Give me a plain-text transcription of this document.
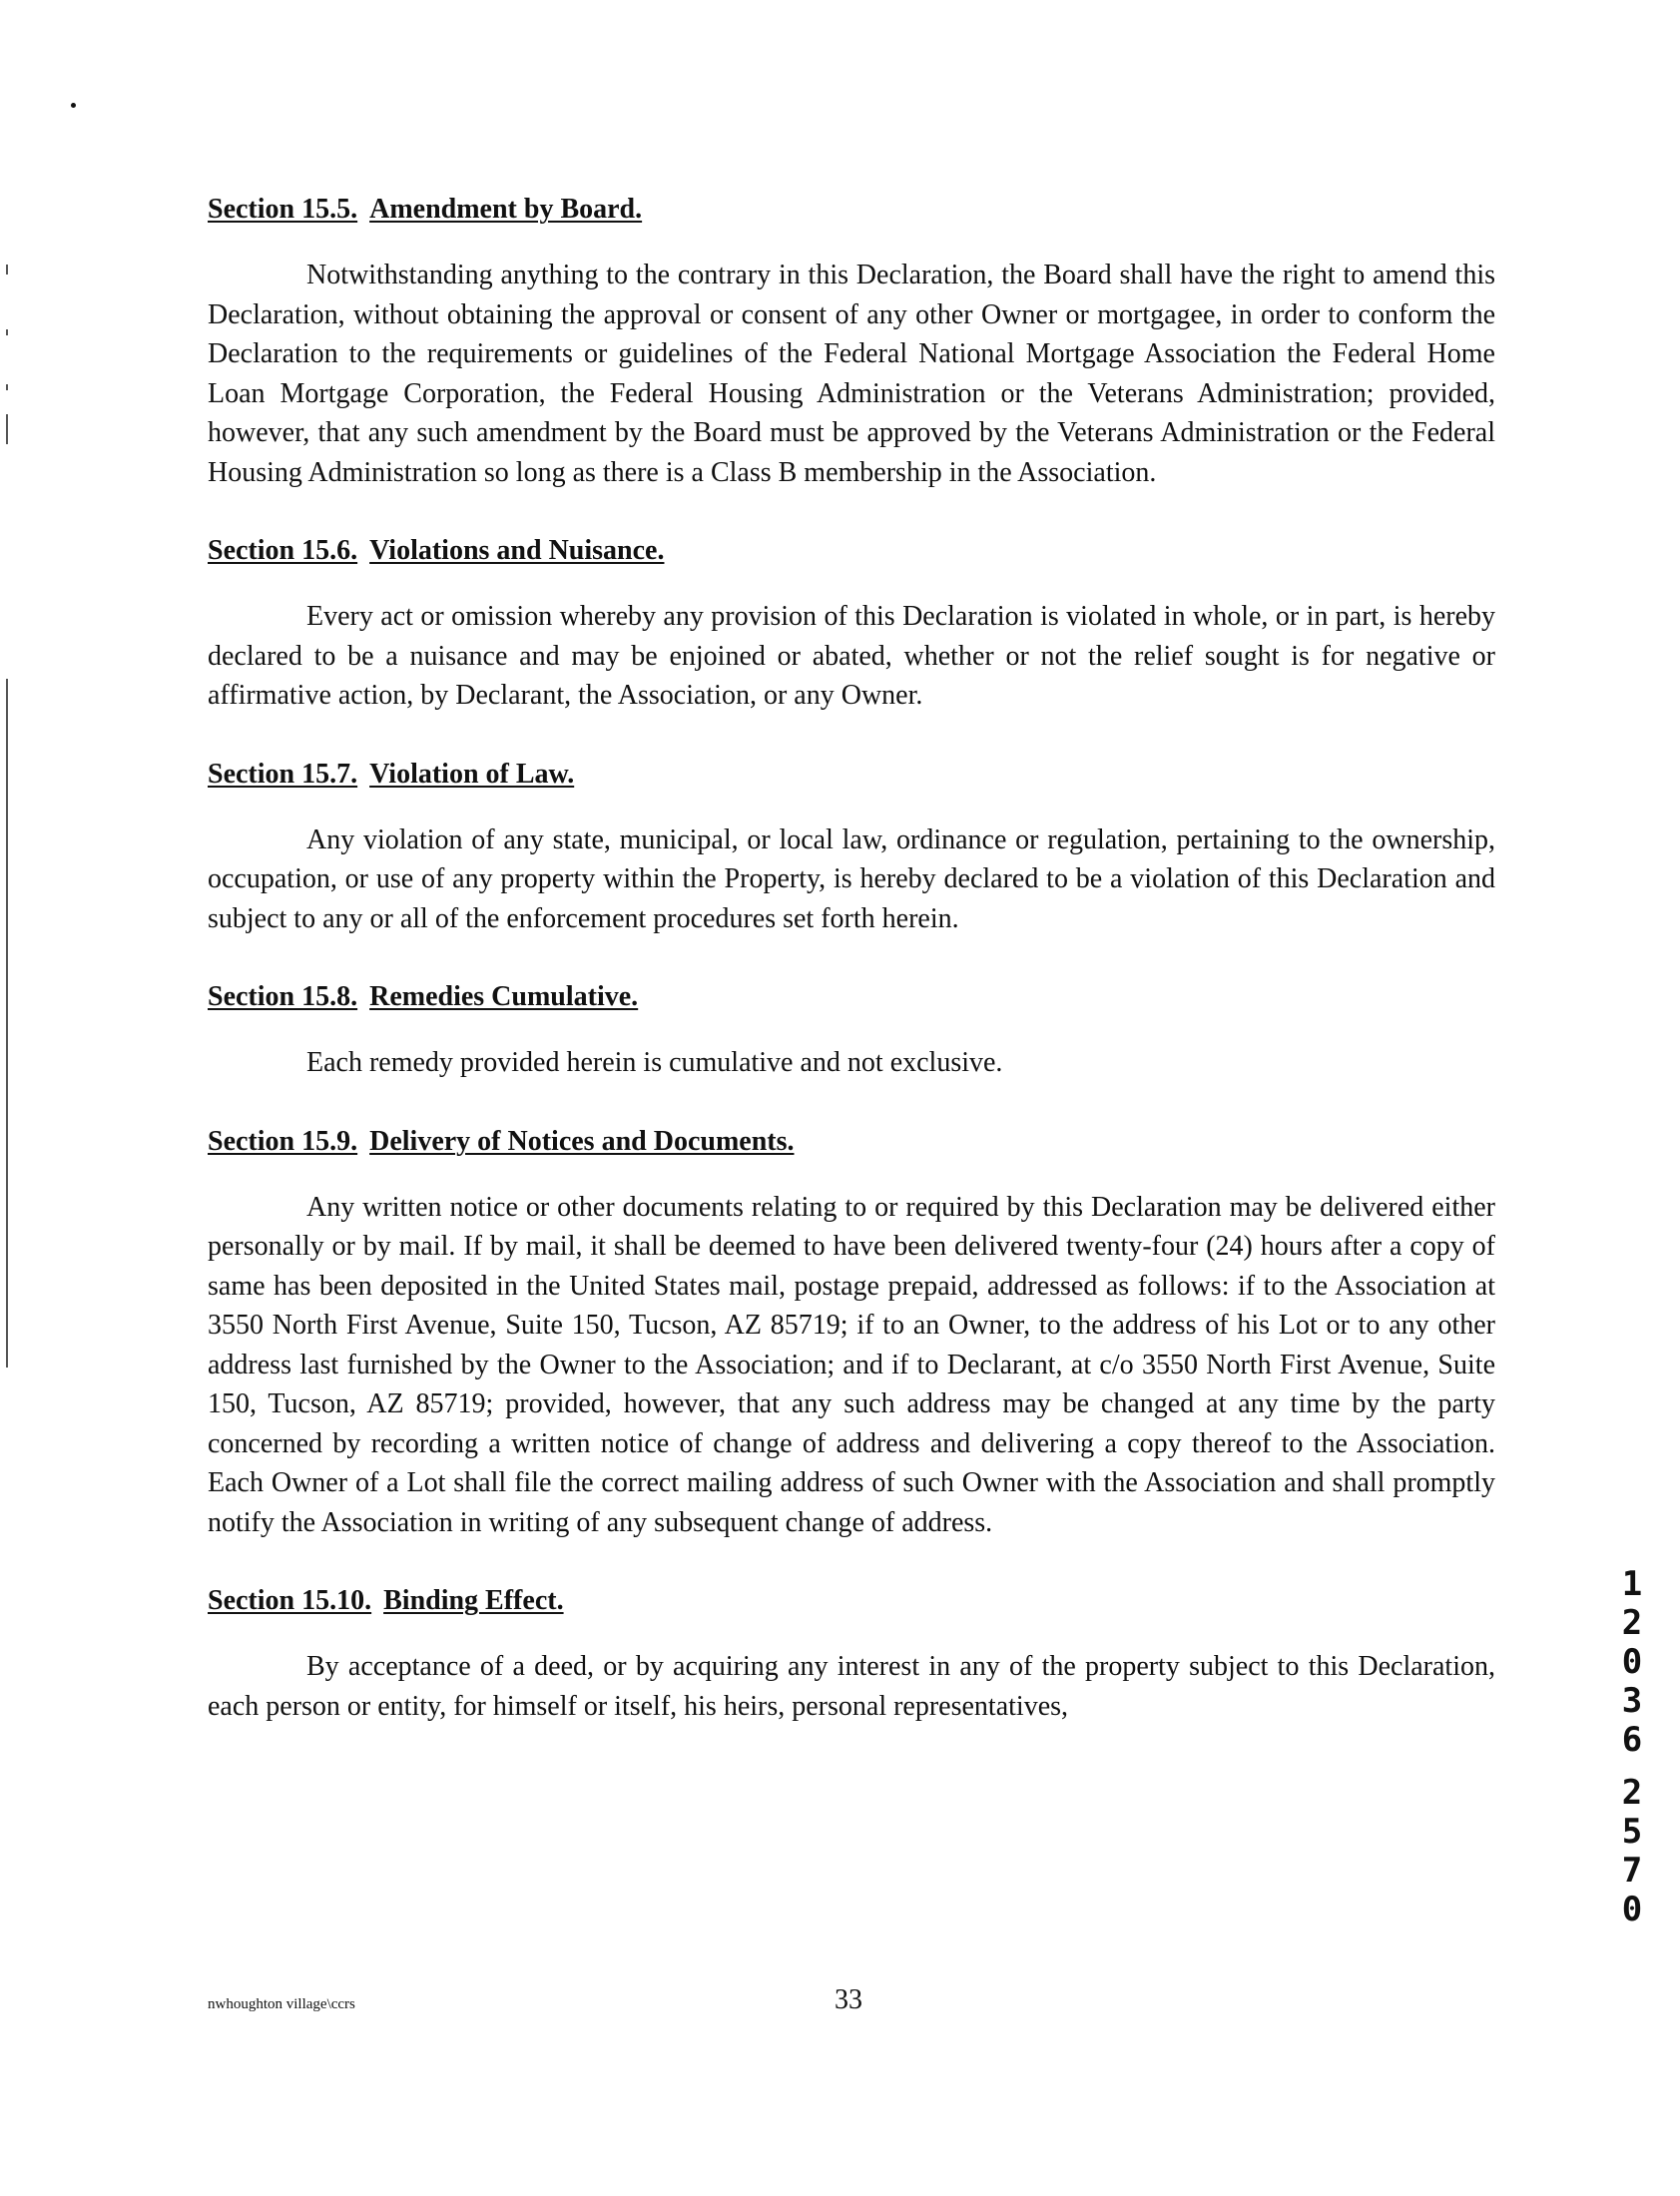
Section 15.5. Amendment by Board.

Notwithstanding anything to the contrary in this Declaration, the Board shall have the right to amend this Declaration, without obtaining the approval or consent of any other Owner or mortgagee, in order to conform the Declaration to the requirements or guidelines of the Federal National Mortgage Association the Federal Home Loan Mortgage Corporation, the Federal Housing Administration or the Veterans Administration; provided, however, that any such amendment by the Board must be approved by the Veterans Administration or the Federal Housing Administration so long as there is a Class B membership in the Association.

Section 15.6. Violations and Nuisance.

Every act or omission whereby any provision of this Declaration is violated in whole, or in part, is hereby declared to be a nuisance and may be enjoined or abated, whether or not the relief sought is for negative or affirmative action, by Declarant, the Association, or any Owner.

Section 15.7. Violation of Law.

Any violation of any state, municipal, or local law, ordinance or regulation, pertaining to the ownership, occupation, or use of any property within the Property, is hereby declared to be a violation of this Declaration and subject to any or all of the enforcement procedures set forth herein.

Section 15.8. Remedies Cumulative.

Each remedy provided herein is cumulative and not exclusive.

Section 15.9. Delivery of Notices and Documents.

Any written notice or other documents relating to or required by this Declaration may be delivered either personally or by mail. If by mail, it shall be deemed to have been delivered twenty-four (24) hours after a copy of same has been deposited in the United States mail, postage prepaid, addressed as follows: if to the Association at 3550 North First Avenue, Suite 150, Tucson, AZ 85719; if to an Owner, to the address of his Lot or to any other address last furnished by the Owner to the Association; and if to Declarant, at c/o 3550 North First Avenue, Suite 150, Tucson, AZ 85719; provided, however, that any such address may be changed at any time by the party concerned by recording a written notice of change of address and delivering a copy thereof to the Association. Each Owner of a Lot shall file the correct mailing address of such Owner with the Association and shall promptly notify the Association in writing of any subsequent change of address.

Section 15.10. Binding Effect.

By acceptance of a deed, or by acquiring any interest in any of the property subject to this Declaration, each person or entity, for himself or itself, his heirs, personal representatives,

1
2
0
3
6
2
5
7
0
nwhoughton village\ccrs	33
